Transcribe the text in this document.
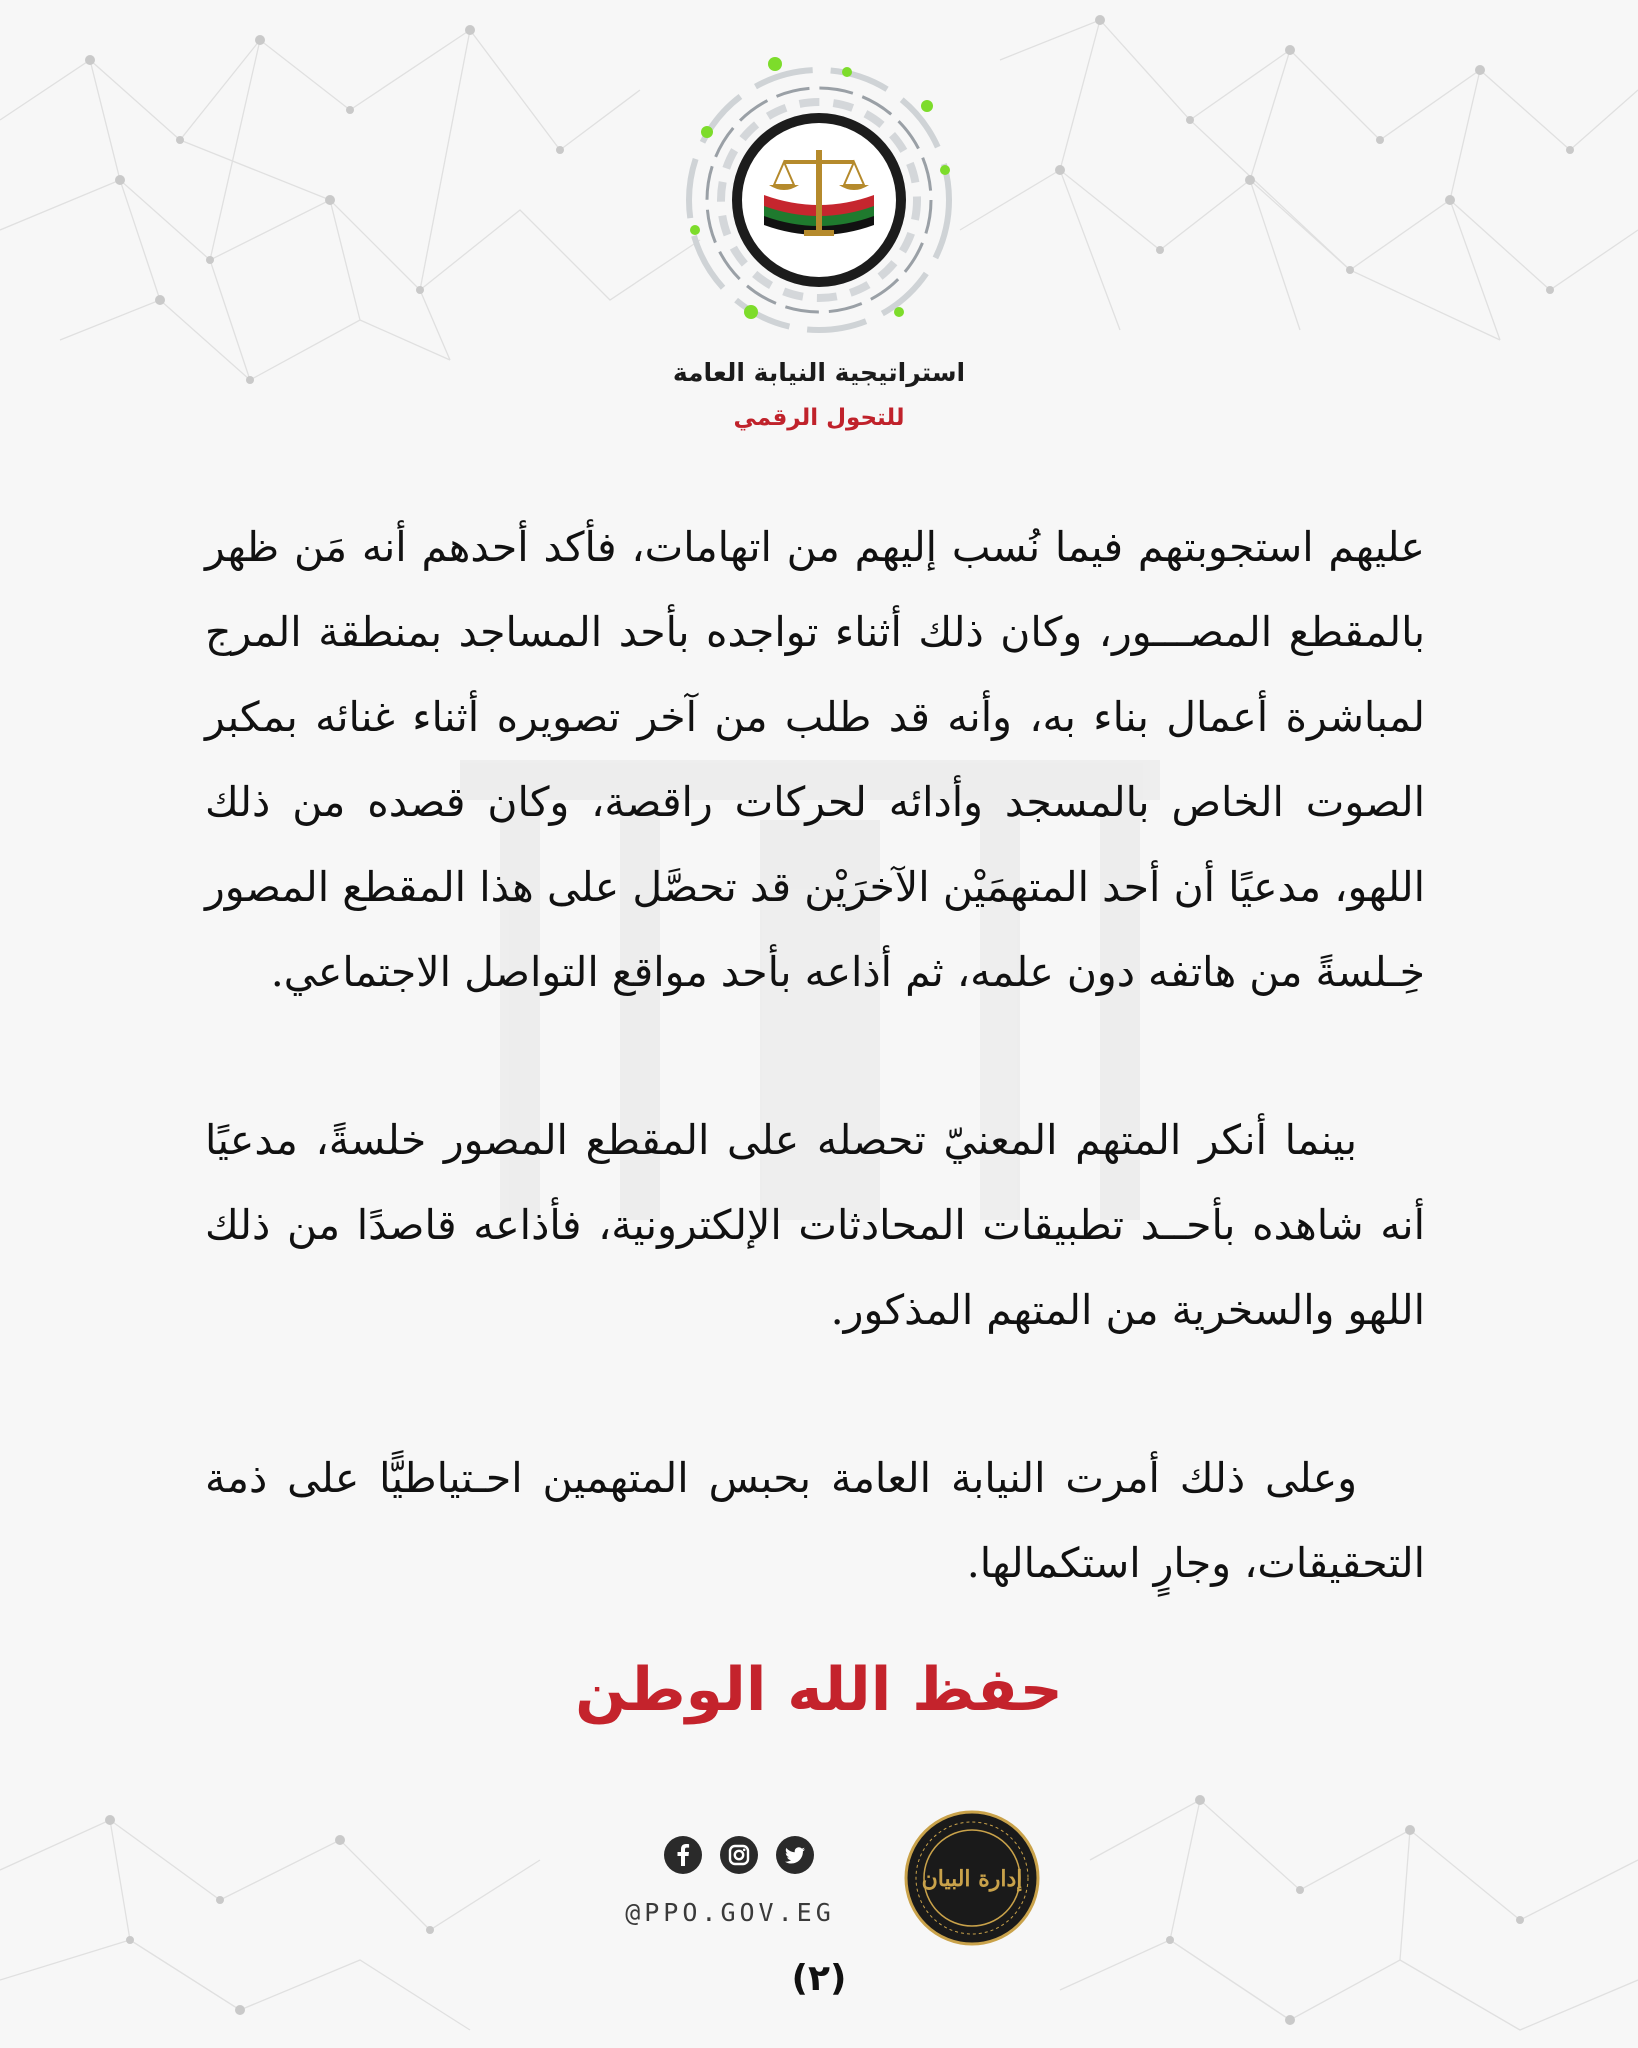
استراتيجية النيابة العامة
للتحول الرقمي

عليهم استجوبتهم فيما نُسب إليهم من اتهامات، فأكد أحدهم أنه مَن ظهر بالمقطع المصـــور، وكان ذلك أثناء تواجده بأحد المساجد بمنطقة المرج لمباشرة أعمال بناء به، وأنه قد طلب من آخر تصويره أثناء غنائه بمكبر الصوت الخاص بالمسجد وأدائه لحركات راقصة، وكان قصده من ذلك اللهو، مدعيًا أن أحد المتهمَيْن الآخرَيْن قد تحصَّل على هذا المقطع المصور خِـلسةً من هاتفه دون علمه، ثم أذاعه بأحد مواقع التواصل الاجتماعي.

بينما أنكر المتهم المعنيّ تحصله على المقطع المصور خلسةً، مدعيًا أنه شاهده بأحــد تطبيقات المحادثات الإلكترونية، فأذاعه قاصدًا من ذلك اللهو والسخرية من المتهم المذكور.

وعلى ذلك أمرت النيابة العامة بحبس المتهمين احـتياطيًّا على ذمة التحقيقات، وجارٍ استكمالها.

حفظ الله الوطن
@PPO.GOV.EG
إدارة البيان
(٢)
